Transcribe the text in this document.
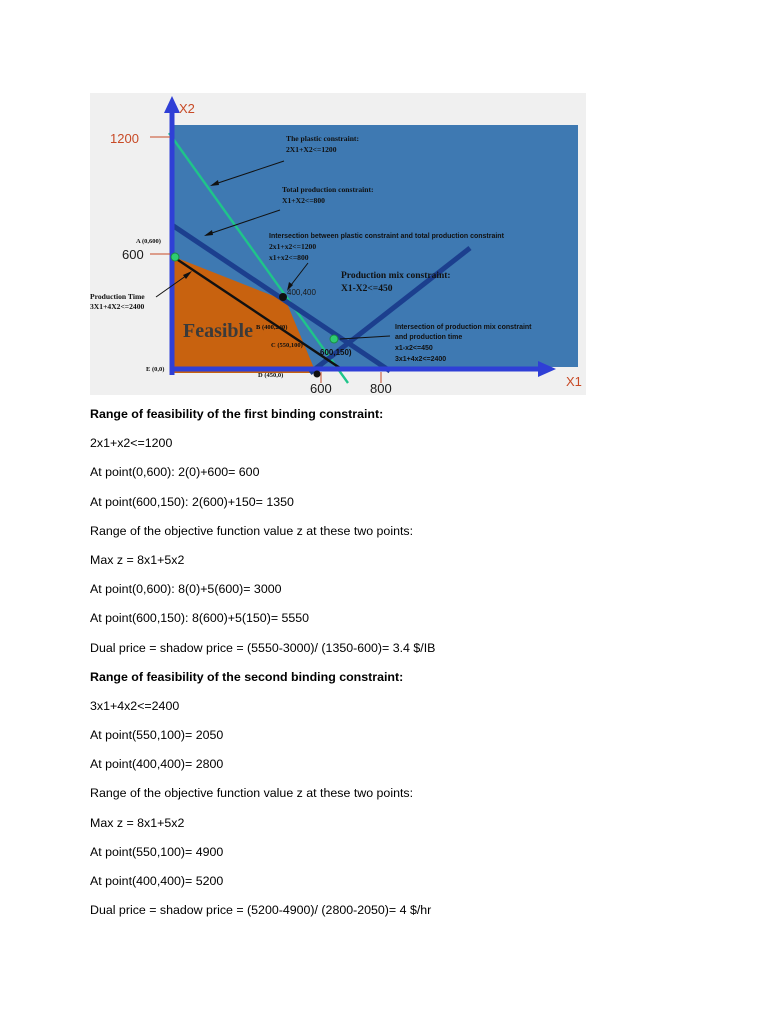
X2
X1
1200
600
600	800
The plastic constraint:
2X1+X2<=1200
Total production constraint:
X1+X2<=800
Intersection between plastic constraint and total production constraint
2x1+x2<=1200
x1+x2<=800
Production mix constraint:
X1-X2<=450
Production Time
3X1+4X2<=2400
Intersection of production mix constraint
and production time
x1-x2<=450
3x1+4x2<=2400
A (0,600)
B (400,240)
C (550,100)
D (450,0)
E (0,0)
400,400
600,150)
Feasible

Range of feasibility of the first binding constraint:

2x1+x2<=1200

At point(0,600): 2(0)+600= 600

At point(600,150): 2(600)+150= 1350

Range of the objective function value z at these two points:

Max z = 8x1+5x2

At point(0,600): 8(0)+5(600)= 3000

At point(600,150): 8(600)+5(150)= 5550

Dual price = shadow price = (5550-3000)/ (1350-600)= 3.4 $/IB

Range of feasibility of the second binding constraint:

3x1+4x2<=2400

At point(550,100)= 2050

At point(400,400)= 2800

Range of the objective function value z at these two points:

Max z = 8x1+5x2

At point(550,100)= 4900

At point(400,400)= 5200

Dual price = shadow price = (5200-4900)/ (2800-2050)= 4 $/hr
